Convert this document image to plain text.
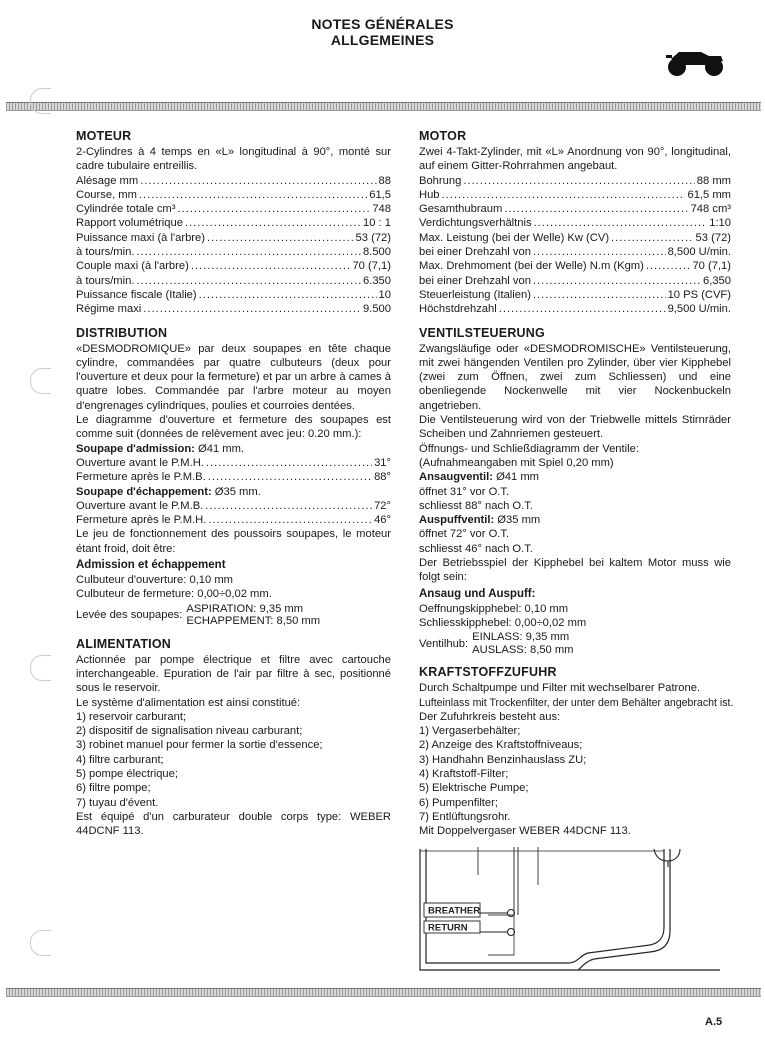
NOTES GÉNÉRALES
ALLGEMEINES
MOTEUR

2-Cylindres à 4 temps en «L» longitudinal à 90°, monté sur cadre tubulaire entreillis.

Alésage mm .....	88
Course, mm .....	61,5
Cylindrée totale cm³ .....	748
Rapport volumétrique .....	10 : 1
Puissance maxi (à l'arbre) .....	53 (72)
à tours/min. .....	8.500
Couple maxi (à l'arbre) .....	70 (7,1)
à tours/min. .....	6.350
Puissance fiscale (Italie) .....	10
Régime maxi .....	9.500
DISTRIBUTION

«DESMODROMIQUE» par deux soupapes en tête chaque cylindre, commandées par quatre culbuteurs (deux pour l'ouverture et deux pour la fermeture) et par un arbre à cames à quatre lobes. Commandée par l'arbre moteur au moyen d'engrenages cylindriques, poulies et courroies dentées.

Le diagramme d'ouverture et fermeture des soupapes est comme suit (données de relèvement avec jeu: 0.20 mm.):

Soupape d'admission: Ø41 mm.
Ouverture avant le P.M.H. .....	31°
Fermeture après le P.M.B. .....	88°
Soupape d'échappement: Ø35 mm.
Ouverture avant le P.M.B. .....	72°
Fermeture après le P.M.H. .....	46°

Le jeu de fonctionnement des poussoirs soupapes, le moteur étant froid, doit être:

Admission et échappement
Culbuteur d'ouverture: 0,10 mm
Culbuteur de fermeture: 0,00÷0,02 mm.
Levée des soupapes:
ASPIRATION: 9,35 mm
ECHAPPEMENT: 8,50 mm
ALIMENTATION

Actionnée par pompe électrique et filtre avec cartouche interchangeable. Epuration de l'air par filtre à sec, positionné sous le reservoir.

Le système d'alimentation est ainsi constitué:

1) reservoir carburant;
2) dispositif de signalisation niveau carburant;
3) robinet manuel pour fermer la sortie d'essence;
4) filtre carburant;
5) pompe électrique;
6) filtre pompe;
7) tuyau d'évent.

Est équipé d'un carburateur double corps type: WEBER 44DCNF 113.

MOTOR

Zwei 4-Takt-Zylinder, mit «L» Anordnung von 90°, longitudinal, auf einem Gitter-Rohrrahmen angebaut.

Bohrung .....	88 mm
Hub .....	61,5 mm
Gesamthubraum .....	748 cm³
Verdichtungsverhältnis .....	1:10
Max. Leistung (bei der Welle) Kw (CV) .....	53 (72)
bei einer Drehzahl von .....	8,500 U/min.
Max. Drehmoment (bei der Welle) N.m (Kgm) .....	70 (7,1)
bei einer Drehzahl von .....	6,350
Steuerleistung (Italien) .....	10 PS (CVF)
Höchstdrehzahl .....	9,500 U/min.
VENTILSTEUERUNG

Zwangsläufige oder «DESMODROMISCHE» Ventilsteuerung, mit zwei hängenden Ventilen pro Zylinder, über vier Kipphebel (zwei zum Öffnen, zwei zum Schliessen) und eine obenliegende Nockenwelle mit vier Nockenbuckeln angetrieben.

Die Ventilsteuerung wird von der Triebwelle mittels Stirnräder Scheiben und Zahnriemen gesteuert.

Öffnungs- und Schließdiagramm der Ventile:
(Aufnahmeangaben mit Spiel 0,20 mm)
Ansaugventil: Ø41 mm
öffnet 31° vor O.T.
schliesst 88° nach O.T.
Auspuffventil: Ø35 mm
öffnet 72° vor O.T.
schliesst 46° nach O.T.

Der Betriebsspiel der Kipphebel bei kaltem Motor muss wie folgt sein:

Ansaug und Auspuff:
Oeffnungskipphebel: 0,10 mm
Schliesskipphebel: 0,00÷0,02 mm
Ventilhub:
EINLASS: 9,35 mm
AUSLASS: 8,50 mm
KRAFTSTOFFZUFUHR
Durch Schaltpumpe und Filter mit wechselbarer Patrone.
Lufteinlass mit Trockenfilter, der unter dem Behälter angebracht ist.
Der Zufuhrkreis besteht aus:
1) Vergaserbehälter;
2) Anzeige des Kraftstoffniveaus;
3) Handhahn Benzinhauslass ZU;
4) Kraftstoff-Filter;
5) Elektrische Pumpe;
6) Pumpenfilter;
7) Entlüftungsrohr.
Mit Doppelvergaser WEBER 44DCNF 113.
BREATHER
RETURN
A.5
